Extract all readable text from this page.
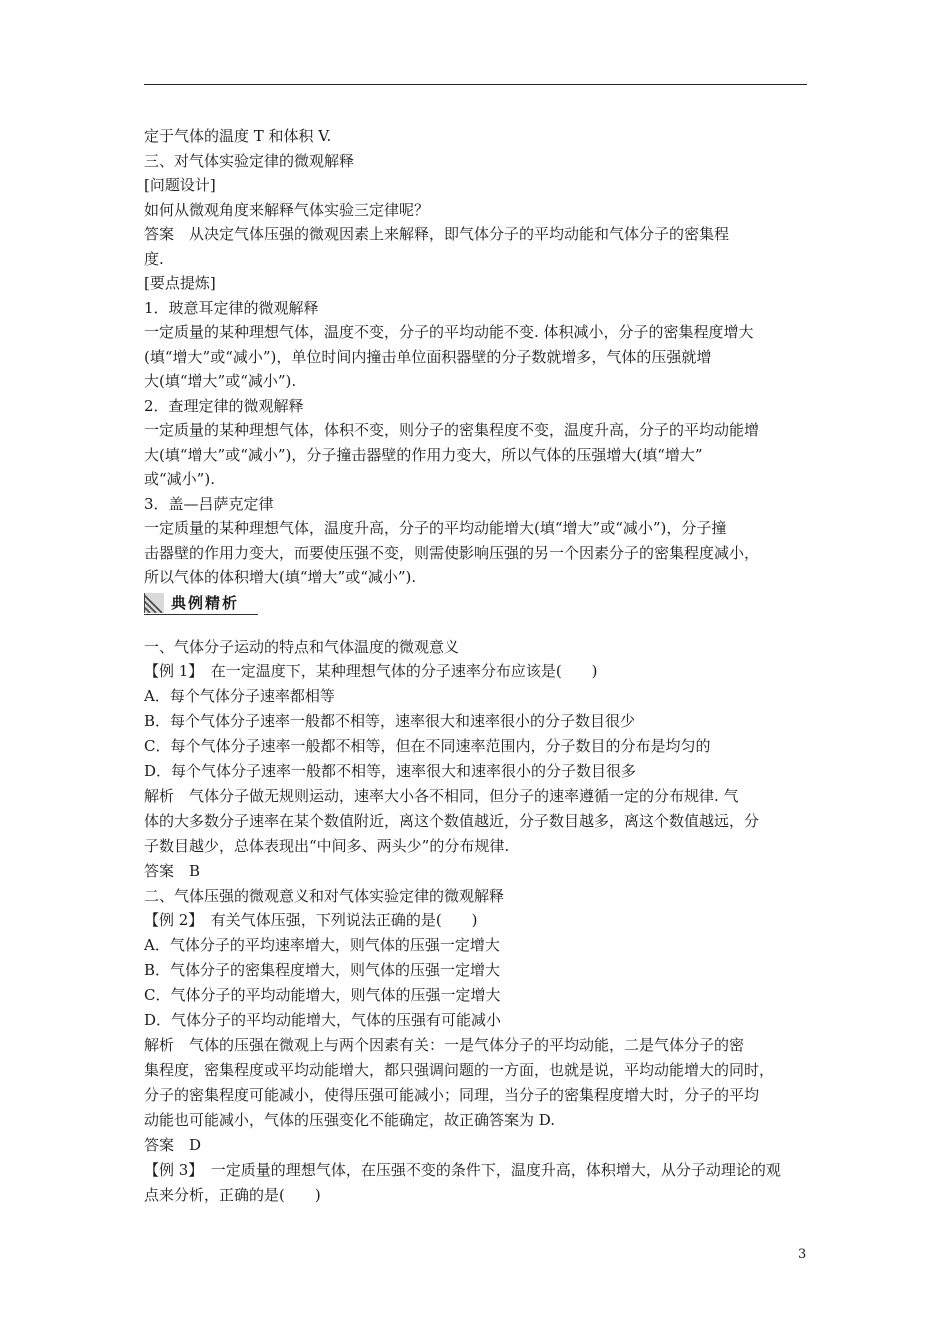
定于气体的温度 T 和体积 V.
三、对气体实验定律的微观解释
[问题设计]
如何从微观角度来解释气体实验三定律呢？
答案　从决定气体压强的微观因素上来解释，即气体分子的平均动能和气体分子的密集程
度.
[要点提炼]
1．玻意耳定律的微观解释
一定质量的某种理想气体，温度不变，分子的平均动能不变. 体积减小，分子的密集程度增大
(填“增大”或“减小”)，单位时间内撞击单位面积器壁的分子数就增多，气体的压强就增
大(填“增大”或“减小”).
2．查理定律的微观解释
一定质量的某种理想气体，体积不变，则分子的密集程度不变，温度升高，分子的平均动能增
大(填“增大”或“减小”)，分子撞击器壁的作用力变大，所以气体的压强增大(填“增大”
或“减小”).
3．盖—吕萨克定律
一定质量的某种理想气体，温度升高，分子的平均动能增大(填“增大”或“减小”)，分子撞
击器壁的作用力变大，而要使压强不变，则需使影响压强的另一个因素分子的密集程度减小，
所以气体的体积增大(填“增大”或“减小”).
典例精析
一、气体分子运动的特点和气体温度的微观意义
【例 1】　在一定温度下，某种理想气体的分子速率分布应该是(　　)
A．每个气体分子速率都相等
B．每个气体分子速率一般都不相等，速率很大和速率很小的分子数目很少
C．每个气体分子速率一般都不相等，但在不同速率范围内，分子数目的分布是均匀的
D．每个气体分子速率一般都不相等，速率很大和速率很小的分子数目很多
解析　气体分子做无规则运动，速率大小各不相同，但分子的速率遵循一定的分布规律. 气
体的大多数分子速率在某个数值附近，离这个数值越近，分子数目越多，离这个数值越远，分
子数目越少，总体表现出“中间多、两头少”的分布规律.
答案　B
二、气体压强的微观意义和对气体实验定律的微观解释
【例 2】　有关气体压强，下列说法正确的是(　　)
A．气体分子的平均速率增大，则气体的压强一定增大
B．气体分子的密集程度增大，则气体的压强一定增大
C．气体分子的平均动能增大，则气体的压强一定增大
D．气体分子的平均动能增大，气体的压强有可能减小
解析　气体的压强在微观上与两个因素有关：一是气体分子的平均动能，二是气体分子的密
集程度，密集程度或平均动能增大，都只强调问题的一方面，也就是说，平均动能增大的同时，
分子的密集程度可能减小，使得压强可能减小；同理，当分子的密集程度增大时，分子的平均
动能也可能减小，气体的压强变化不能确定，故正确答案为 D.
答案　D
【例 3】　一定质量的理想气体，在压强不变的条件下，温度升高，体积增大，从分子动理论的观
点来分析，正确的是(　　)
3
